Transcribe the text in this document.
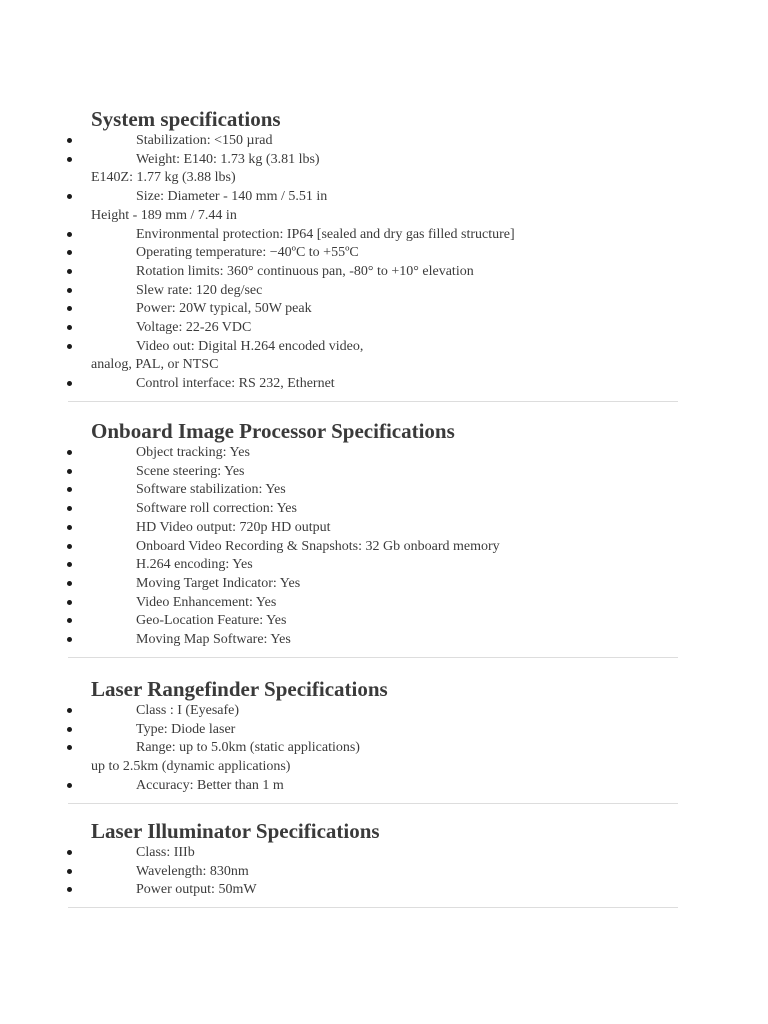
System specifications
Stabilization: <150 µrad
Weight: E140: 1.73 kg (3.81 lbs)
E140Z: 1.77 kg (3.88 lbs)
Size: Diameter - 140 mm / 5.51 in
Height - 189 mm / 7.44 in
Environmental protection: IP64 [sealed and dry gas filled structure]
Operating temperature: −40ºC to +55ºC
Rotation limits: 360° continuous pan, -80° to +10° elevation
Slew rate: 120 deg/sec
Power: 20W typical, 50W peak
Voltage: 22-26 VDC
Video out: Digital H.264 encoded video,
analog, PAL, or NTSC
Control interface: RS 232, Ethernet
Onboard Image Processor Specifications
Object tracking: Yes
Scene steering: Yes
Software stabilization: Yes
Software roll correction: Yes
HD Video output: 720p HD output
Onboard Video Recording & Snapshots: 32 Gb onboard memory
H.264 encoding: Yes
Moving Target Indicator: Yes
Video Enhancement: Yes
Geo-Location Feature: Yes
Moving Map Software: Yes
Laser Rangefinder Specifications
Class : I (Eyesafe)
Type: Diode laser
Range: up to 5.0km (static applications)
up to 2.5km (dynamic applications)
Accuracy: Better than 1 m
Laser Illuminator Specifications
Class: IIIb
Wavelength: 830nm
Power output: 50mW
